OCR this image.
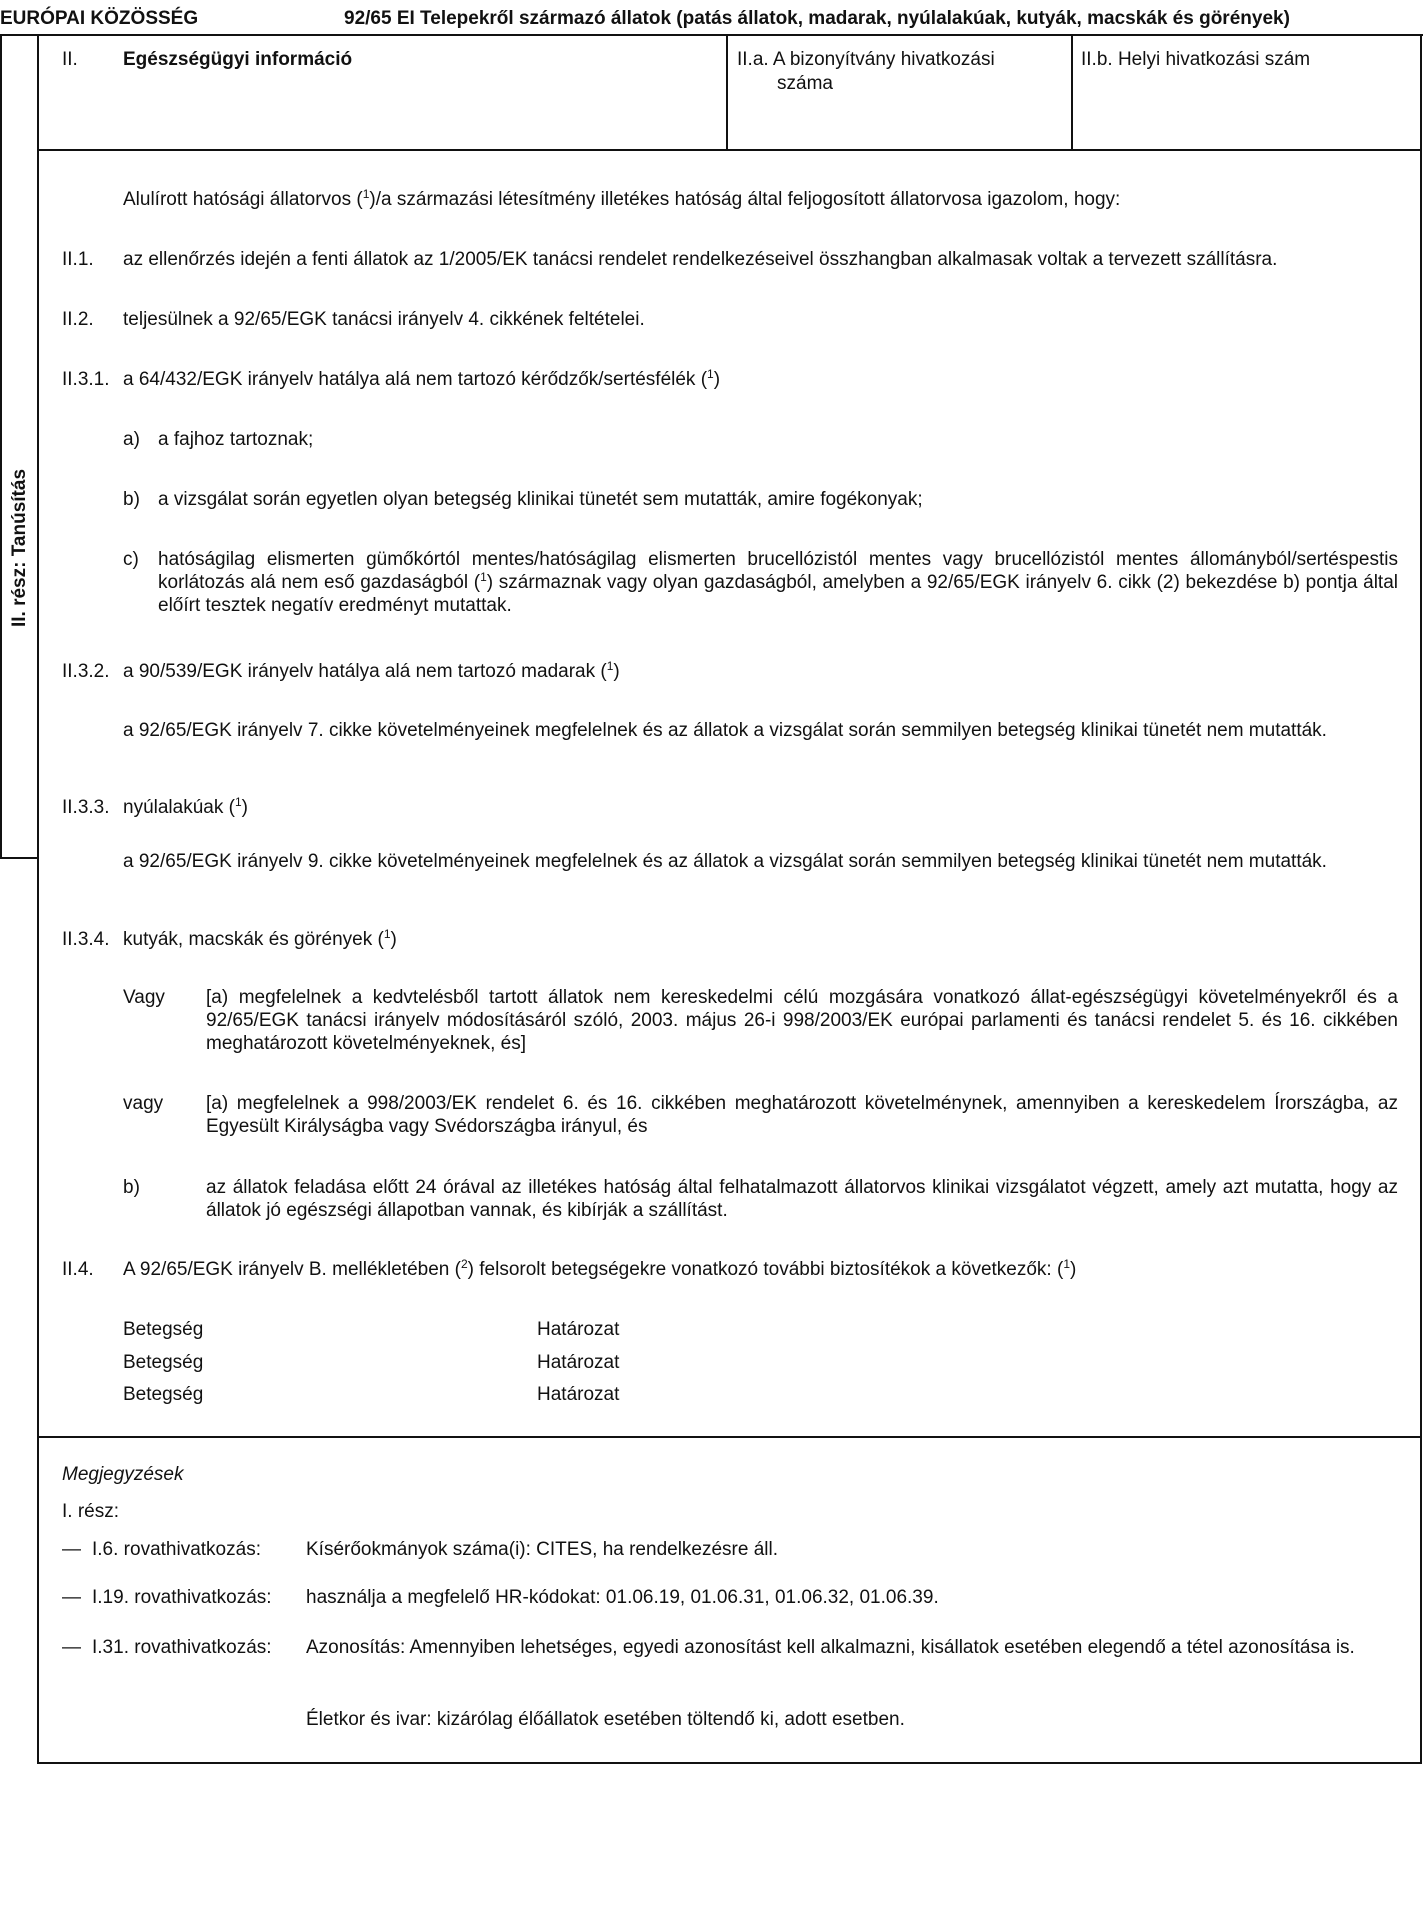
EURÓPAI KÖZÖSSÉG	92/65 EI Telepekről származó állatok (patás állatok, madarak, nyúlalakúak, kutyák, macskák és görények)
II. Egészségügyi információ	II.a. A bizonyítvány hivatkozási
száma
II.b. Helyi hivatkozási szám
II. rész: Tanúsítás
Alulírott hatósági állatorvos ($^1$)/a származási létesítmény illetékes hatóság által feljogosított állatorvosa igazolom, hogy:
II.1. az ellenőrzés idején a fenti állatok az 1/2005/EK tanácsi rendelet rendelkezéseivel összhangban alkalmasak voltak a tervezett szállításra.
II.2. teljesülnek a 92/65/EGK tanácsi irányelv 4. cikkének feltételei.
II.3.1. a 64/432/EGK irányelv hatálya alá nem tartozó kérődzők/sertésfélék ($^1$)
a) a fajhoz tartoznak;
b) a vizsgálat során egyetlen olyan betegség klinikai tünetét sem mutatták, amire fogékonyak;
c) hatóságilag elismerten gümőkórtól mentes/hatóságilag elismerten brucellózistól mentes vagy brucellózistól mentes állományból/sertéspestis korlátozás alá nem eső gazdaságból ($^1$) származnak vagy olyan gazdaságból, amelyben a 92/65/EGK irányelv 6. cikk (2) bekezdése b) pontja által előírt tesztek negatív eredményt mutattak.
II.3.2. a 90/539/EGK irányelv hatálya alá nem tartozó madarak ($^1$)
a 92/65/EGK irányelv 7. cikke követelményeinek megfelelnek és az állatok a vizsgálat során semmilyen betegség klinikai tünetét nem mutatták.
II.3.3. nyúlalakúak ($^1$)
a 92/65/EGK irányelv 9. cikke követelményeinek megfelelnek és az állatok a vizsgálat során semmilyen betegség klinikai tünetét nem mutatták.
II.3.4. kutyák, macskák és görények ($^1$)
Vagy [a) megfelelnek a kedvtelésből tartott állatok nem kereskedelmi célú mozgására vonatkozó állat-egészségügyi követelményekről és a 92/65/EGK tanácsi irányelv módosításáról szóló, 2003. május 26-i 998/2003/EK európai parlamenti és tanácsi rendelet 5. és 16. cikkében meghatározott követelményeknek, és]
vagy [a) megfelelnek a 998/2003/EK rendelet 6. és 16. cikkében meghatározott követelménynek, amennyiben a kereskedelem Írországba, az Egyesült Királyságba vagy Svédországba irányul, és
b)	az állatok feladása előtt 24 órával az illetékes hatóság által felhatalmazott állatorvos klinikai vizsgálatot végzett, amely azt mutatta, hogy az állatok jó egészségi állapotban vannak, és kibírják a szállítást.
II.4. A 92/65/EGK irányelv B. mellékletében ($^2$) felsorolt betegségekre vonatkozó további biztosítékok a következők: ($^1$)
Betegség	Határozat
Betegség	Határozat
Betegség	Határozat
Megjegyzések
I. rész:
— I.6. rovathivatkozás: Kísérőokmányok száma(i): CITES, ha rendelkezésre áll.
— I.19. rovathivatkozás: használja a megfelelő HR-kódokat: 01.06.19, 01.06.31, 01.06.32, 01.06.39.
— I.31. rovathivatkozás: Azonosítás: Amennyiben lehetséges, egyedi azonosítást kell alkalmazni, kisállatok esetében elegendő a tétel azonosítása is.
Életkor és ivar: kizárólag élőállatok esetében töltendő ki, adott esetben.
